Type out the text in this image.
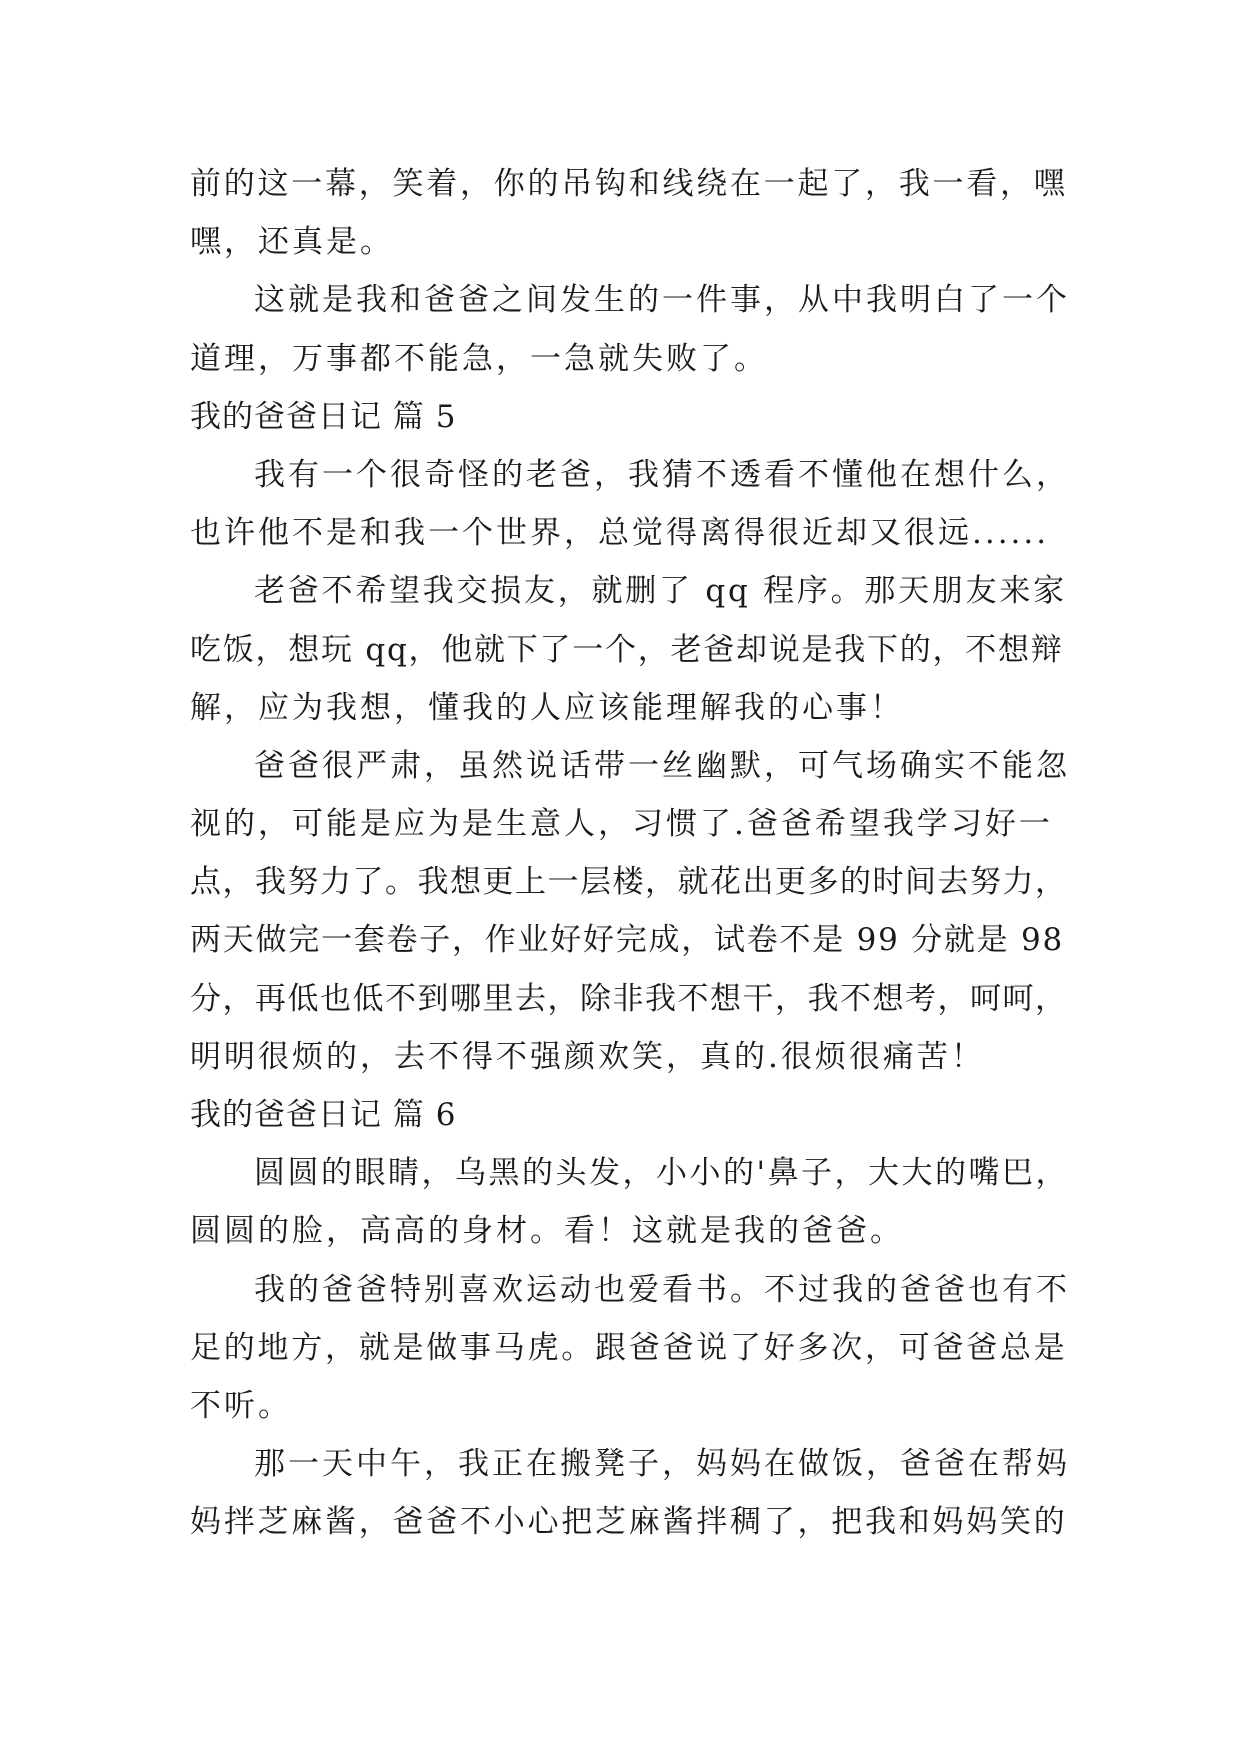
前的这一幕，笑着，你的吊钩和线绕在一起了，我一看，嘿
嘿，还真是。
这就是我和爸爸之间发生的一件事，从中我明白了一个
道理，万事都不能急，一急就失败了。
我的爸爸日记 篇 5
我有一个很奇怪的老爸，我猜不透看不懂他在想什么，
也许他不是和我一个世界，总觉得离得很近却又很远......
老爸不希望我交损友，就删了 qq 程序。那天朋友来家
吃饭，想玩 qq，他就下了一个，老爸却说是我下的，不想辩
解，应为我想，懂我的人应该能理解我的心事！
爸爸很严肃，虽然说话带一丝幽默，可气场确实不能忽
视的，可能是应为是生意人，习惯了.爸爸希望我学习好一
点，我努力了。我想更上一层楼，就花出更多的时间去努力，
两天做完一套卷子，作业好好完成，试卷不是 99 分就是 98
分，再低也低不到哪里去，除非我不想干，我不想考，呵呵，
明明很烦的，去不得不强颜欢笑，真的.很烦很痛苦！
我的爸爸日记 篇 6
圆圆的眼睛，乌黑的头发，小小的'鼻子，大大的嘴巴，
圆圆的脸，高高的身材。看！这就是我的爸爸。
我的爸爸特别喜欢运动也爱看书。不过我的爸爸也有不
足的地方，就是做事马虎。跟爸爸说了好多次，可爸爸总是
不听。
那一天中午，我正在搬凳子，妈妈在做饭，爸爸在帮妈
妈拌芝麻酱，爸爸不小心把芝麻酱拌稠了，把我和妈妈笑的
